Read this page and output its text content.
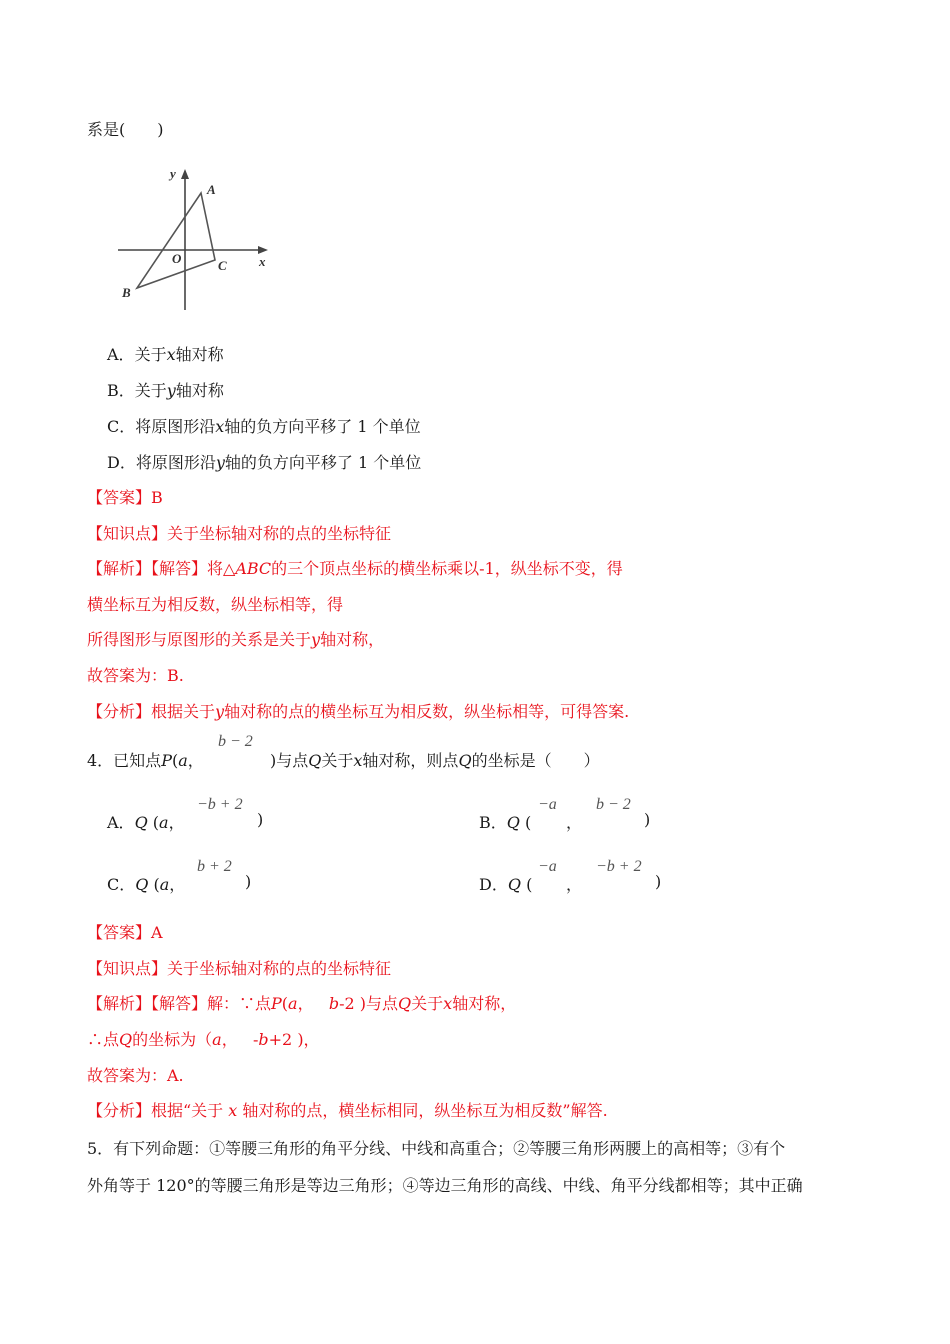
系是(　　)
y
x
A
O	C
B
A．关于x轴对称
B．关于y轴对称
C．将原图形沿x轴的负方向平移了 1 个单位
D．将原图形沿y轴的负方向平移了 1 个单位
【答案】B
【知识点】关于坐标轴对称的点的坐标特征
【解析】【解答】将△ABC的三个顶点坐标的横坐标乘以-1，纵坐标不变，得
横坐标互为相反数，纵坐标相等，得
所得图形与原图形的关系是关于y轴对称，
故答案为：B.
【分析】根据关于y轴对称的点的横坐标互为相反数，纵坐标相等，可得答案.
4．已知点P(a，
b − 2
)与点Q关于x轴对称，则点Q的坐标是（　　）
A．Q (a，
−b + 2
)	B．Q (
−a
，
b − 2
)
C．Q (a，
b + 2
)	D．Q (
−a
，
−b + 2
)
【答案】A
【知识点】关于坐标轴对称的点的坐标特征
【解析】【解答】解：∵点P(a， b-2 )与点Q关于x轴对称，
∴点Q的坐标为（a， -b+2 )，
故答案为：A.
【分析】根据“关于 x 轴对称的点，横坐标相同，纵坐标互为相反数”解答.
5．有下列命题：①等腰三角形的角平分线、中线和高重合；②等腰三角形两腰上的高相等；③有个
外角等于 120°的等腰三角形是等边三角形；④等边三角形的高线、中线、角平分线都相等；其中正确
